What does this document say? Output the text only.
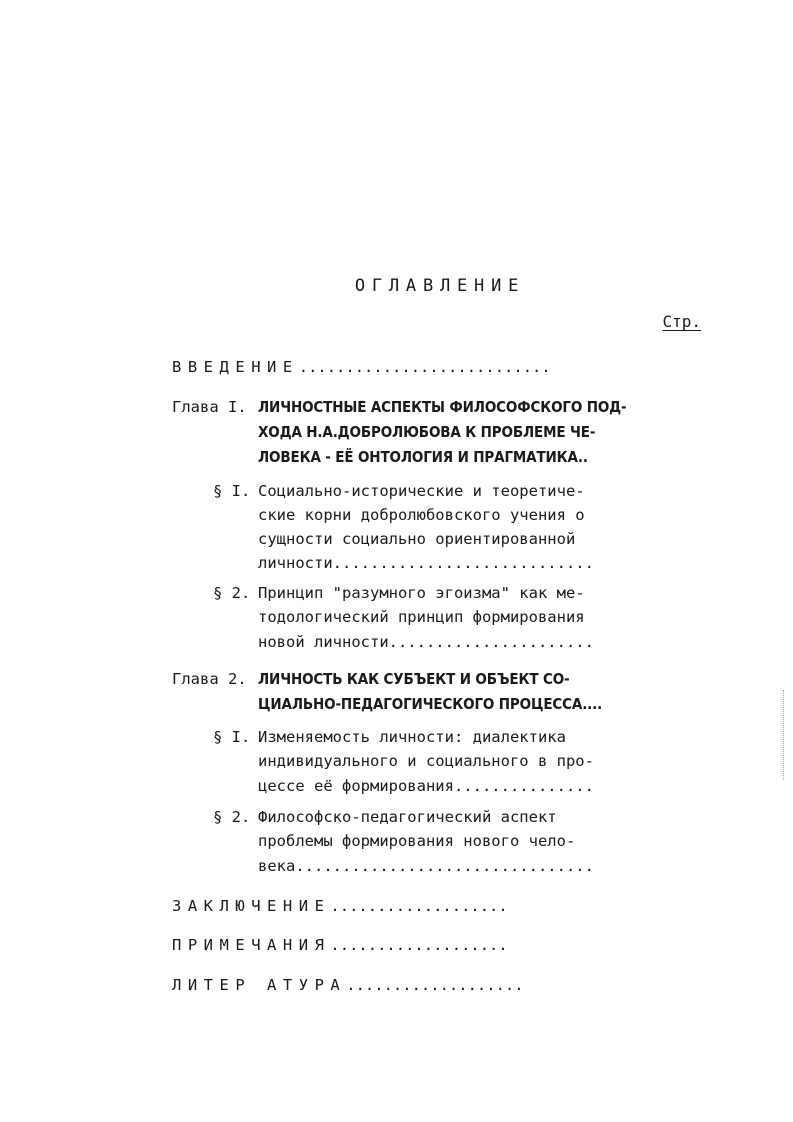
ОГЛАВЛЕНИЕ
Стр.
ВВЕДЕНИЕ...........................
Глава I. ЛИЧНОСТНЫЕ АСПЕКТЫ ФИЛОСОФСКОГО ПОД-
ХОДА Н.А.ДОБРОЛЮБОВА К ПРОБЛЕМЕ ЧЕ-
ЛОВЕКА - ЕЁ ОНТОЛОГИЯ И ПРАГМАТИКА..
§ I. Социально-исторические и теоретиче-
ские корни добролюбовского учения о
сущности социально ориентированной
личности............................
§ 2. Принцип "разумного эгоизма" как ме-
тодологический принцип формирования
новой личности......................
Глава 2. ЛИЧНОСТЬ КАК СУБЪЕКТ И ОБЪЕКТ СО-
ЦИАЛЬНО-ПЕДАГОГИЧЕСКОГО ПРОЦЕССА....
§ I. Изменяемость личности: диалектика
индивидуального и социального в про-
цессе её формирования...............
§ 2. Философско-педагогический аспект
проблемы формирования нового чело-
века................................
ЗАКЛЮЧЕНИЕ...................
ПРИМЕЧАНИЯ...................
ЛИТЕР АТУРА...................
